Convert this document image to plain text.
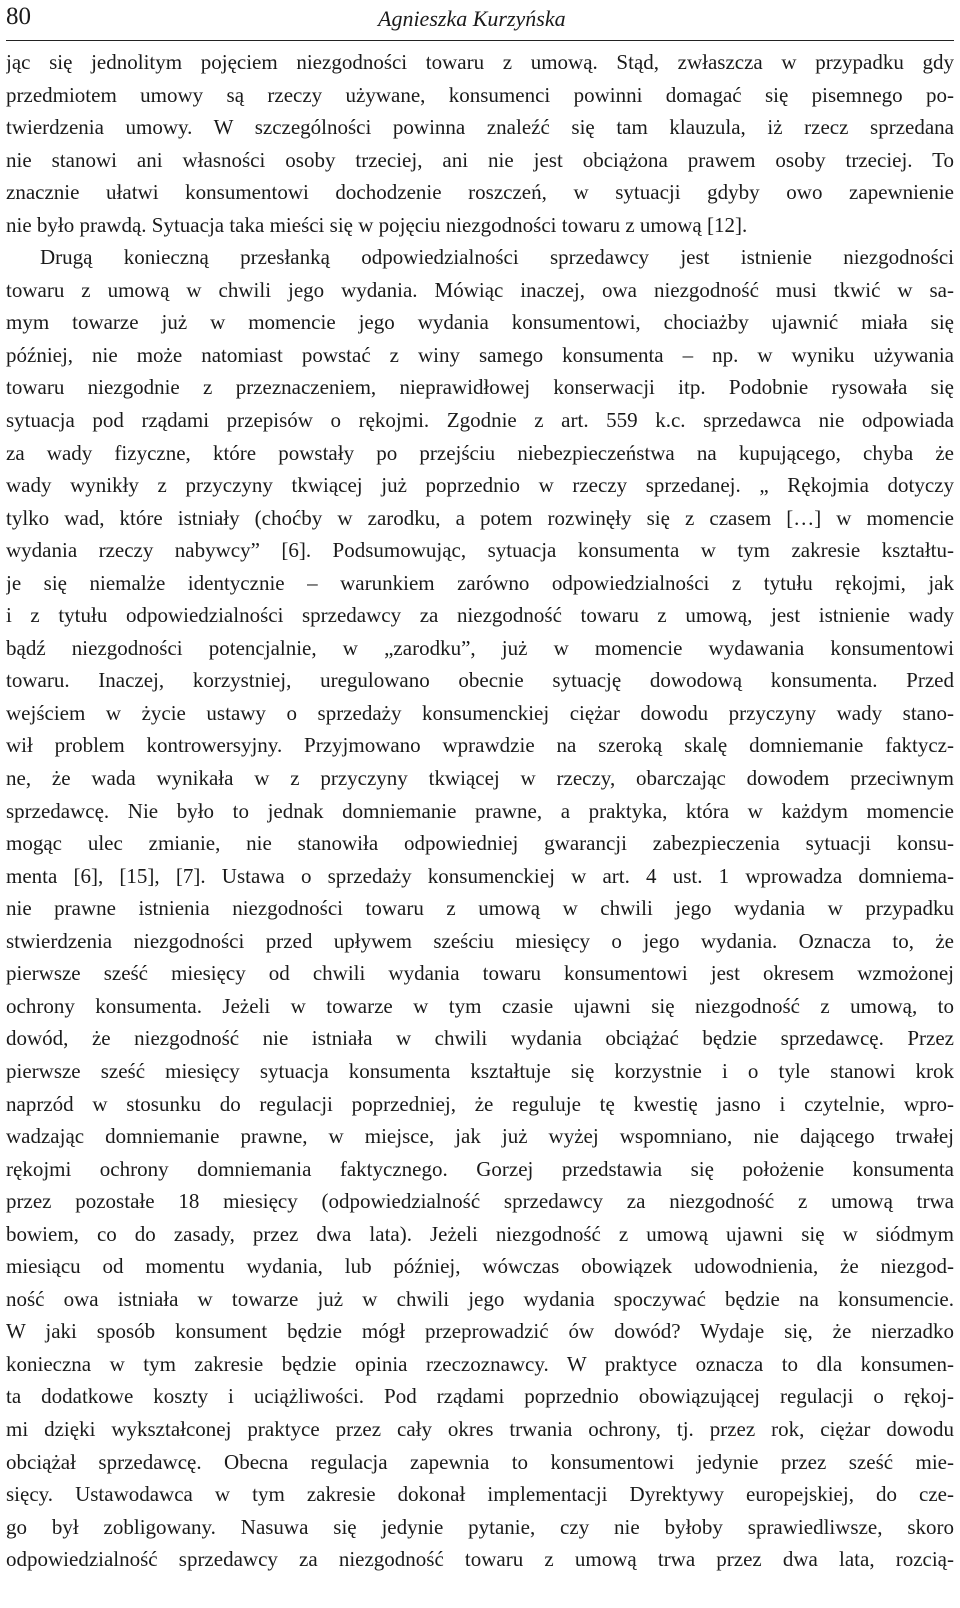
80	Agnieszka Kurzyńska
jąc się jednolitym pojęciem niezgodności towaru z umową. Stąd, zwłaszcza w przypadku gdy
przedmiotem umowy są rzeczy używane, konsumenci powinni domagać się pisemnego po-
twierdzenia umowy. W szczególności powinna znaleźć się tam klauzula, iż rzecz sprzedana
nie stanowi ani własności osoby trzeciej, ani nie jest obciążona prawem osoby trzeciej. To
znacznie ułatwi konsumentowi dochodzenie roszczeń, w sytuacji gdyby owo zapewnienie
nie było prawdą. Sytuacja taka mieści się w pojęciu niezgodności towaru z umową [12].
Drugą konieczną przesłanką odpowiedzialności sprzedawcy jest istnienie niezgodności
towaru z umową w chwili jego wydania. Mówiąc inaczej, owa niezgodność musi tkwić w sa-
mym towarze już w momencie jego wydania konsumentowi, chociażby ujawnić miała się
później, nie może natomiast powstać z winy samego konsumenta – np. w wyniku używania
towaru niezgodnie z przeznaczeniem, nieprawidłowej konserwacji itp. Podobnie rysowała się
sytuacja pod rządami przepisów o rękojmi. Zgodnie z art. 559 k.c. sprzedawca nie odpowiada
za wady fizyczne, które powstały po przejściu niebezpieczeństwa na kupującego, chyba że
wady wynikły z przyczyny tkwiącej już poprzednio w rzeczy sprzedanej. „ Rękojmia dotyczy
tylko wad, które istniały (choćby w zarodku, a potem rozwinęły się z czasem […] w momencie
wydania rzeczy nabywcy” [6]. Podsumowując, sytuacja konsumenta w tym zakresie kształtu-
je się niemalże identycznie – warunkiem zarówno odpowiedzialności z tytułu rękojmi, jak
i z tytułu odpowiedzialności sprzedawcy za niezgodność towaru z umową, jest istnienie wady
bądź niezgodności potencjalnie, w „zarodku”, już w momencie wydawania konsumentowi
towaru. Inaczej, korzystniej, uregulowano obecnie sytuację dowodową konsumenta. Przed
wejściem w życie ustawy o sprzedaży konsumenckiej ciężar dowodu przyczyny wady stano-
wił problem kontrowersyjny. Przyjmowano wprawdzie na szeroką skalę domniemanie faktycz-
ne, że wada wynikała w z przyczyny tkwiącej w rzeczy, obarczając dowodem przeciwnym
sprzedawcę. Nie było to jednak domniemanie prawne, a praktyka, która w każdym momencie
mogąc ulec zmianie, nie stanowiła odpowiedniej gwarancji zabezpieczenia sytuacji konsu-
menta [6], [15], [7]. Ustawa o sprzedaży konsumenckiej w art. 4 ust. 1 wprowadza domniema-
nie prawne istnienia niezgodności towaru z umową w chwili jego wydania w przypadku
stwierdzenia niezgodności przed upływem sześciu miesięcy o jego wydania. Oznacza to, że
pierwsze sześć miesięcy od chwili wydania towaru konsumentowi jest okresem wzmożonej
ochrony konsumenta. Jeżeli w towarze w tym czasie ujawni się niezgodność z umową, to
dowód, że niezgodność nie istniała w chwili wydania obciążać będzie sprzedawcę. Przez
pierwsze sześć miesięcy sytuacja konsumenta kształtuje się korzystnie i o tyle stanowi krok
naprzód w stosunku do regulacji poprzedniej, że reguluje tę kwestię jasno i czytelnie, wpro-
wadzając domniemanie prawne, w miejsce, jak już wyżej wspomniano, nie dającego trwałej
rękojmi ochrony domniemania faktycznego. Gorzej przedstawia się położenie konsumenta
przez pozostałe 18 miesięcy (odpowiedzialność sprzedawcy za niezgodność z umową trwa
bowiem, co do zasady, przez dwa lata). Jeżeli niezgodność z umową ujawni się w siódmym
miesiącu od momentu wydania, lub później, wówczas obowiązek udowodnienia, że niezgod-
ność owa istniała w towarze już w chwili jego wydania spoczywać będzie na konsumencie.
W jaki sposób konsument będzie mógł przeprowadzić ów dowód? Wydaje się, że nierzadko
konieczna w tym zakresie będzie opinia rzeczoznawcy. W praktyce oznacza to dla konsumen-
ta dodatkowe koszty i uciążliwości. Pod rządami poprzednio obowiązującej regulacji o rękoj-
mi dzięki wykształconej praktyce przez cały okres trwania ochrony, tj. przez rok, ciężar dowodu
obciążał sprzedawcę. Obecna regulacja zapewnia to konsumentowi jedynie przez sześć mie-
sięcy. Ustawodawca w tym zakresie dokonał implementacji Dyrektywy europejskiej, do cze-
go był zobligowany. Nasuwa się jedynie pytanie, czy nie byłoby sprawiedliwsze, skoro
odpowiedzialność sprzedawcy za niezgodność towaru z umową trwa przez dwa lata, rozcią-
